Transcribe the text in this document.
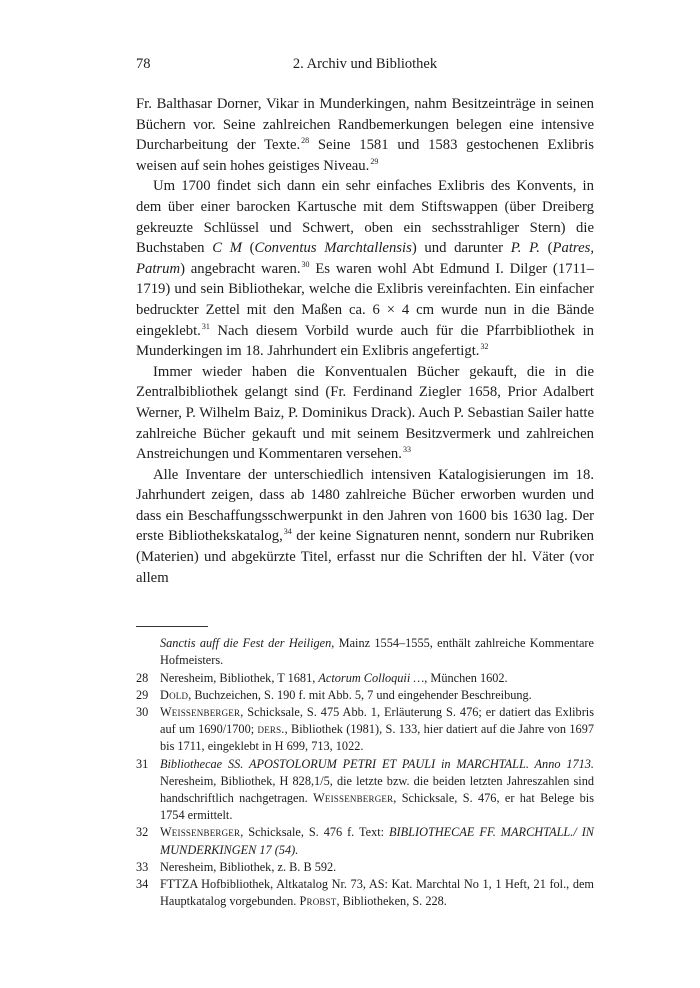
78	2. Archiv und Bibliothek

Fr. Balthasar Dorner, Vikar in Munderkingen, nahm Besitzeinträge in seinen Büchern vor. Seine zahlreichen Randbemerkungen belegen eine intensive Durcharbeitung der Texte.$^{28}$ Seine 1581 und 1583 gestochenen Exlibris weisen auf sein hohes geistiges Niveau.$^{29}$

Um 1700 findet sich dann ein sehr einfaches Exlibris des Konvents, in dem über einer barocken Kartusche mit dem Stiftswappen (über Dreiberg gekreuzte Schlüssel und Schwert, oben ein sechsstrahliger Stern) die Buchstaben C M (Conventus Marchtallensis) und darunter P. P. (Patres, Patrum) angebracht waren.$^{30}$ Es waren wohl Abt Edmund I. Dilger (1711–1719) und sein Bibliothekar, welche die Exlibris vereinfachten. Ein einfacher bedruckter Zettel mit den Maßen ca. 6 × 4 cm wurde nun in die Bände eingeklebt.$^{31}$ Nach diesem Vorbild wurde auch für die Pfarrbibliothek in Munderkingen im 18. Jahrhundert ein Exlibris angefertigt.$^{32}$

Immer wieder haben die Konventualen Bücher gekauft, die in die Zentralbibliothek gelangt sind (Fr. Ferdinand Ziegler 1658, Prior Adalbert Werner, P. Wilhelm Baiz, P. Dominikus Drack). Auch P. Sebastian Sailer hatte zahlreiche Bücher gekauft und mit seinem Besitzvermerk und zahlreichen Anstreichungen und Kommentaren versehen.$^{33}$

Alle Inventare der unterschiedlich intensiven Katalogisierungen im 18. Jahrhundert zeigen, dass ab 1480 zahlreiche Bücher erworben wurden und dass ein Beschaffungsschwerpunkt in den Jahren von 1600 bis 1630 lag. Der erste Bibliothekskatalog,$^{34}$ der keine Signaturen nennt, sondern nur Rubriken (Materien) und abgekürzte Titel, erfasst nur die Schriften der hl. Väter (vor allem

Sanctis auff die Fest der Heiligen, Mainz 1554–1555, enthält zahlreiche Kommentare Hofmeisters.
28 Neresheim, Bibliothek, T 1681, Actorum Colloquii …, München 1602.
29 Dold, Buchzeichen, S. 190 f. mit Abb. 5, 7 und eingehender Beschreibung.
30 Weissenberger, Schicksale, S. 475 Abb. 1, Erläuterung S. 476; er datiert das Exlibris auf um 1690/1700; ders., Bibliothek (1981), S. 133, hier datiert auf die Jahre von 1697 bis 1711, eingeklebt in H 699, 713, 1022.
31 Bibliothecae SS. APOSTOLORUM PETRI ET PAULI in MARCHTALL. Anno 1713. Neresheim, Bibliothek, H 828,1/5, die letzte bzw. die beiden letzten Jahreszahlen sind handschriftlich nachgetragen. Weissenberger, Schicksale, S. 476, er hat Belege bis 1754 ermittelt.
32 Weissenberger, Schicksale, S. 476 f. Text: BIBLIOTHECAE FF. MARCHTALL./ IN MUNDERKINGEN 17 (54).
33 Neresheim, Bibliothek, z. B. B 592.
34 FTTZA Hofbibliothek, Altkatalog Nr. 73, AS: Kat. Marchtal No 1, 1 Heft, 21 fol., dem Hauptkatalog vorgebunden. Probst, Bibliotheken, S. 228.
